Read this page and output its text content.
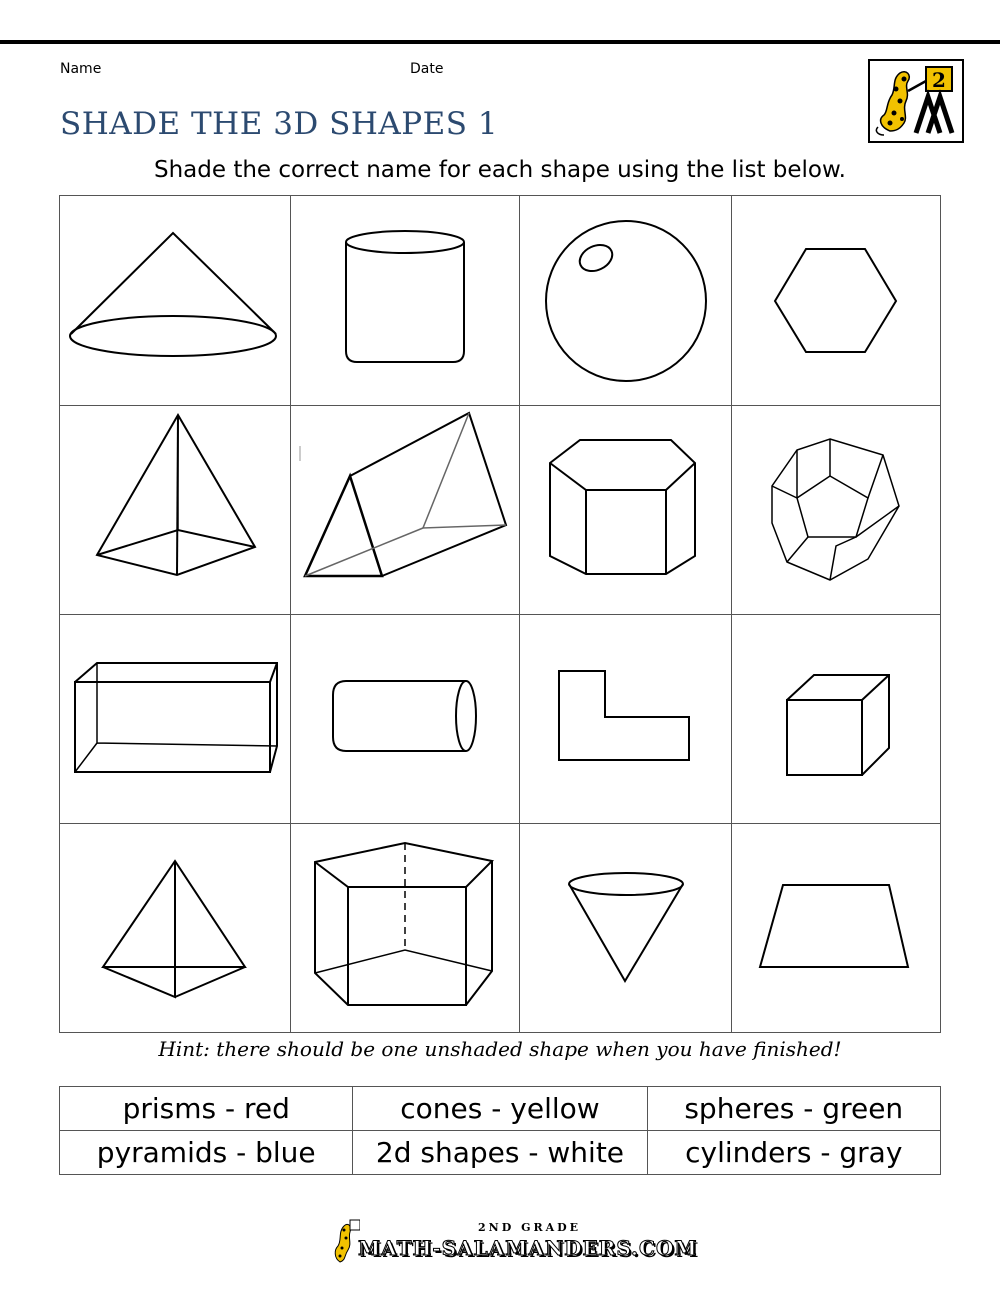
Name	Date	2
SHADE THE 3D SHAPES 1
Shade the correct name for each shape using the list below.
Hint: there should be one unshaded shape when you have finished!
prisms - red	cones - yellow	spheres - green
pyramids - blue	2d shapes - white	cylinders - gray
2ND GRADE
MATH-SALAMANDERS.COM
